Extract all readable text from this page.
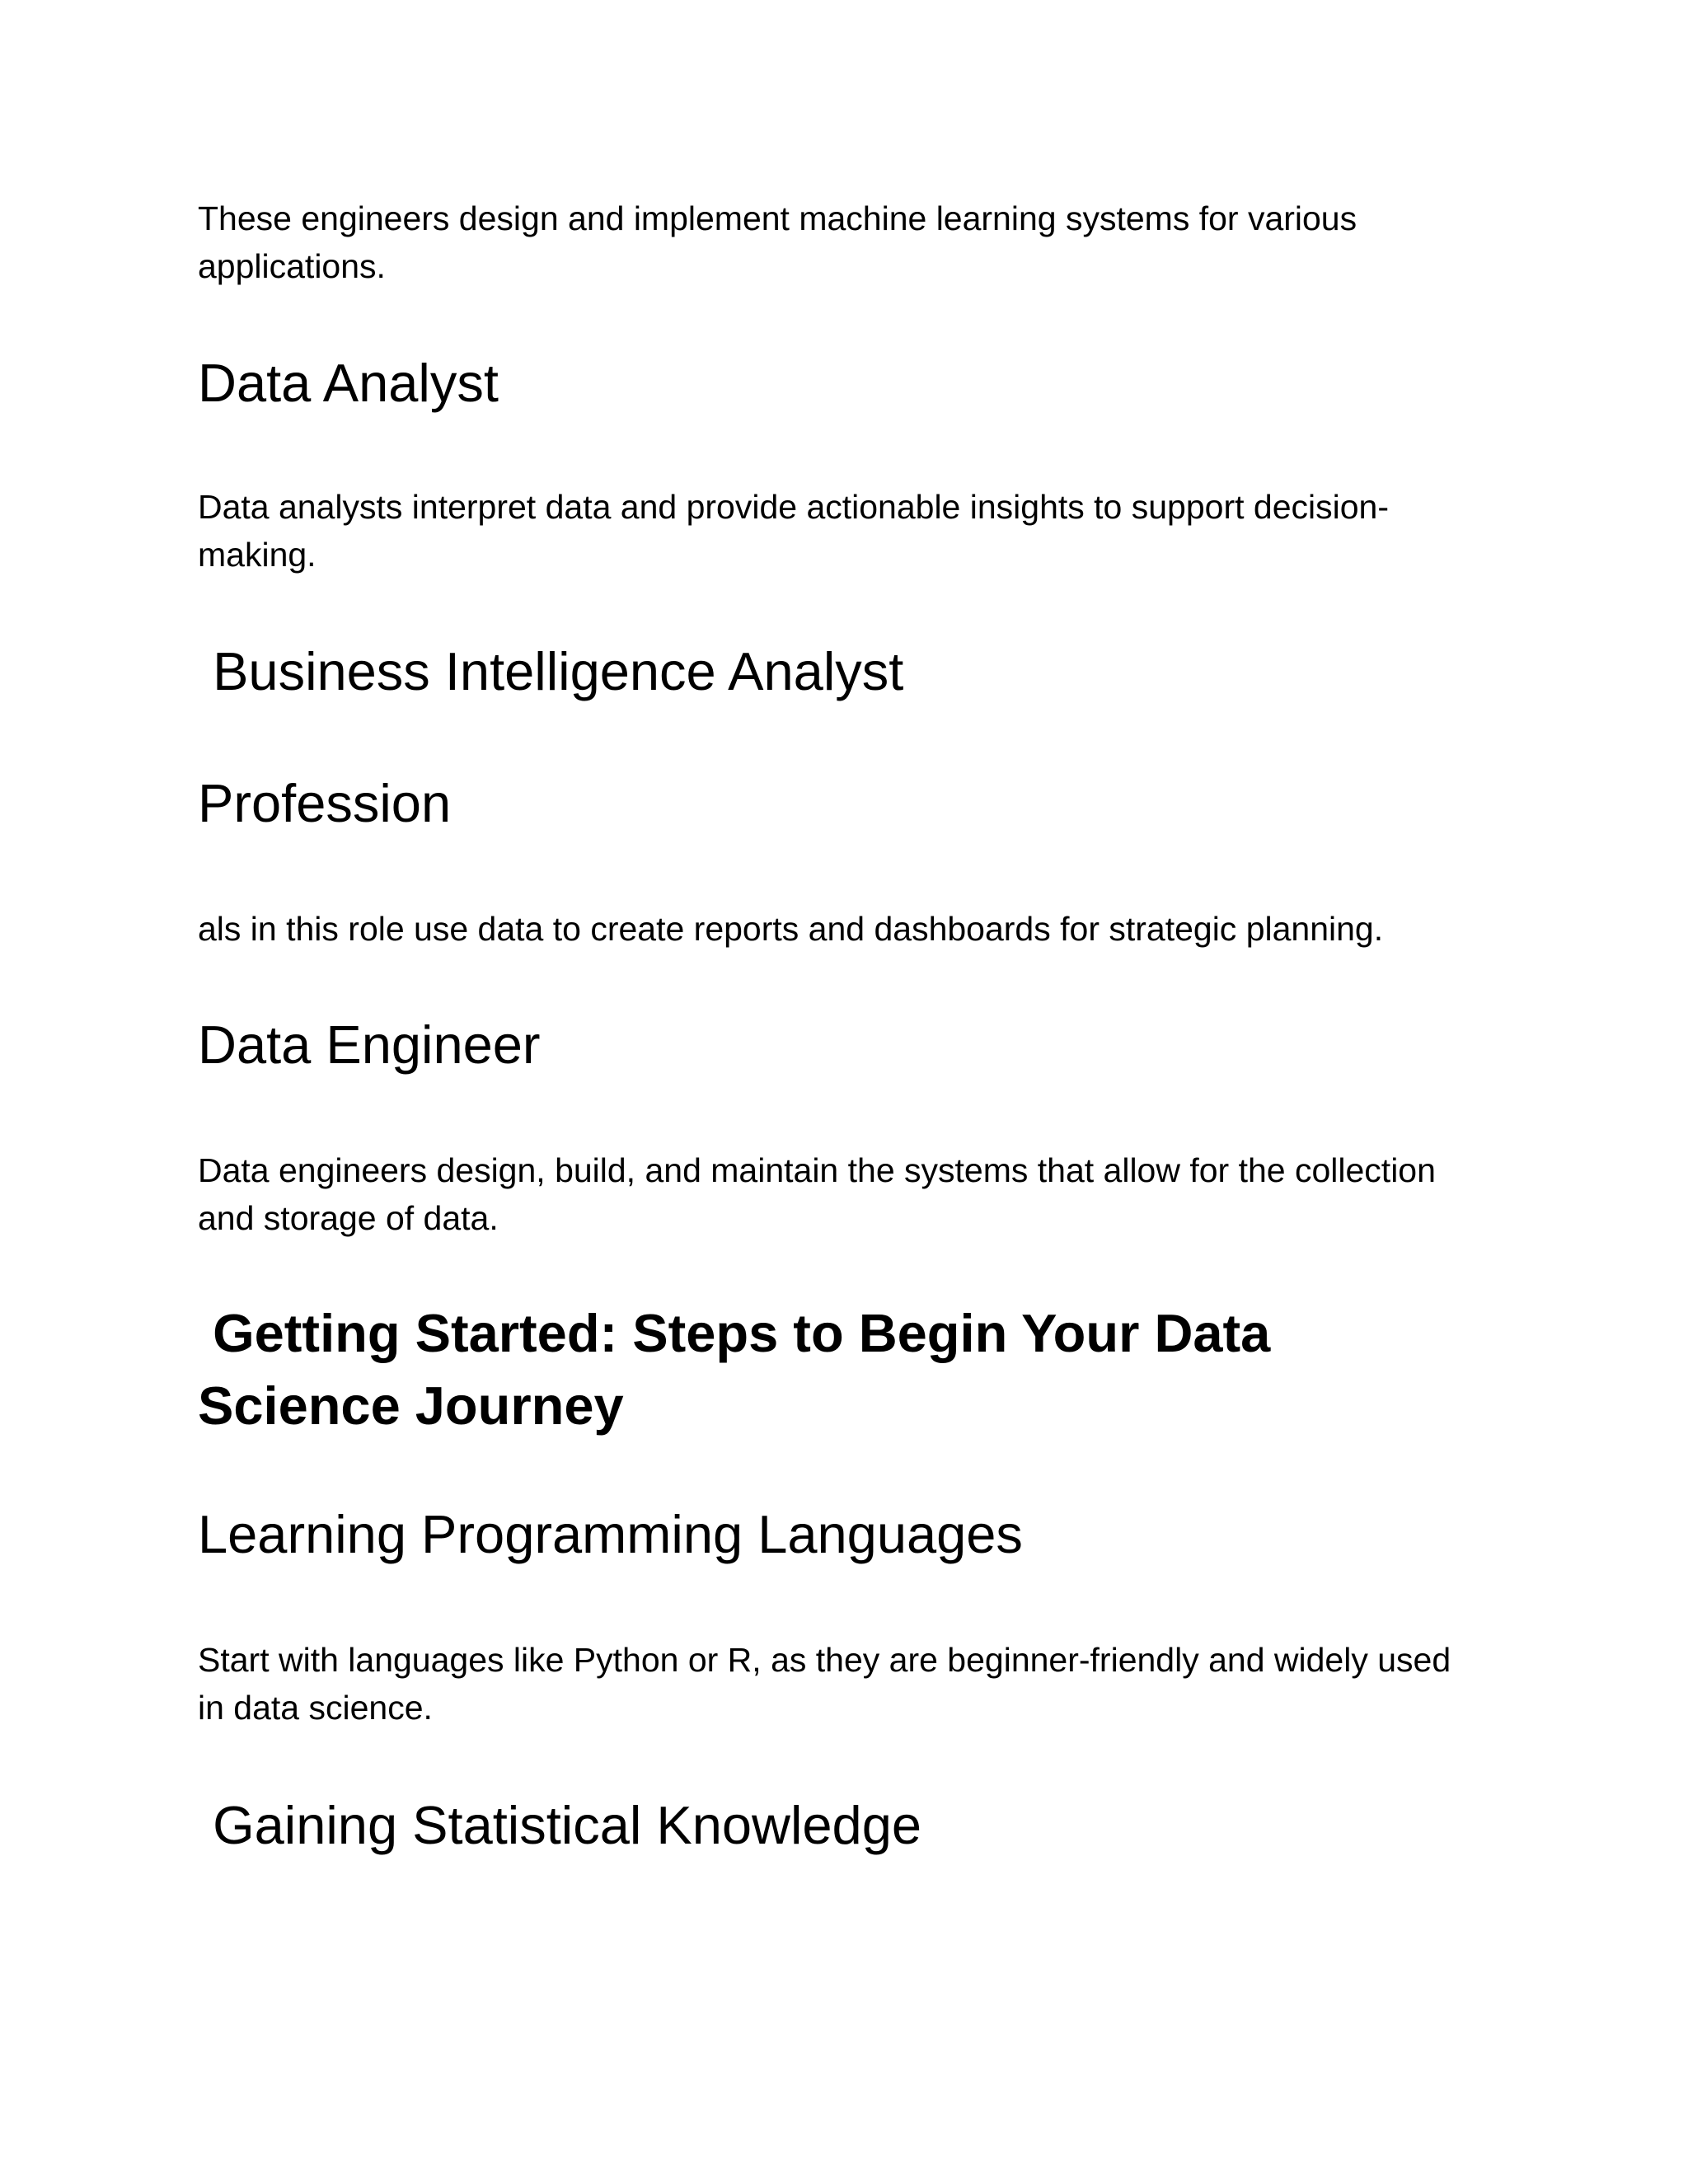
These engineers design and implement machine learning systems for various applications.

Data Analyst

Data analysts interpret data and provide actionable insights to support decision-making.

Business Intelligence Analyst
Profession

als in this role use data to create reports and dashboards for strategic planning.

Data Engineer

Data engineers design, build, and maintain the systems that allow for the collection and storage of data.

Getting Started: Steps to Begin Your Data Science Journey
Learning Programming Languages

Start with languages like Python or R, as they are beginner-friendly and widely used in data science.

Gaining Statistical Knowledge
